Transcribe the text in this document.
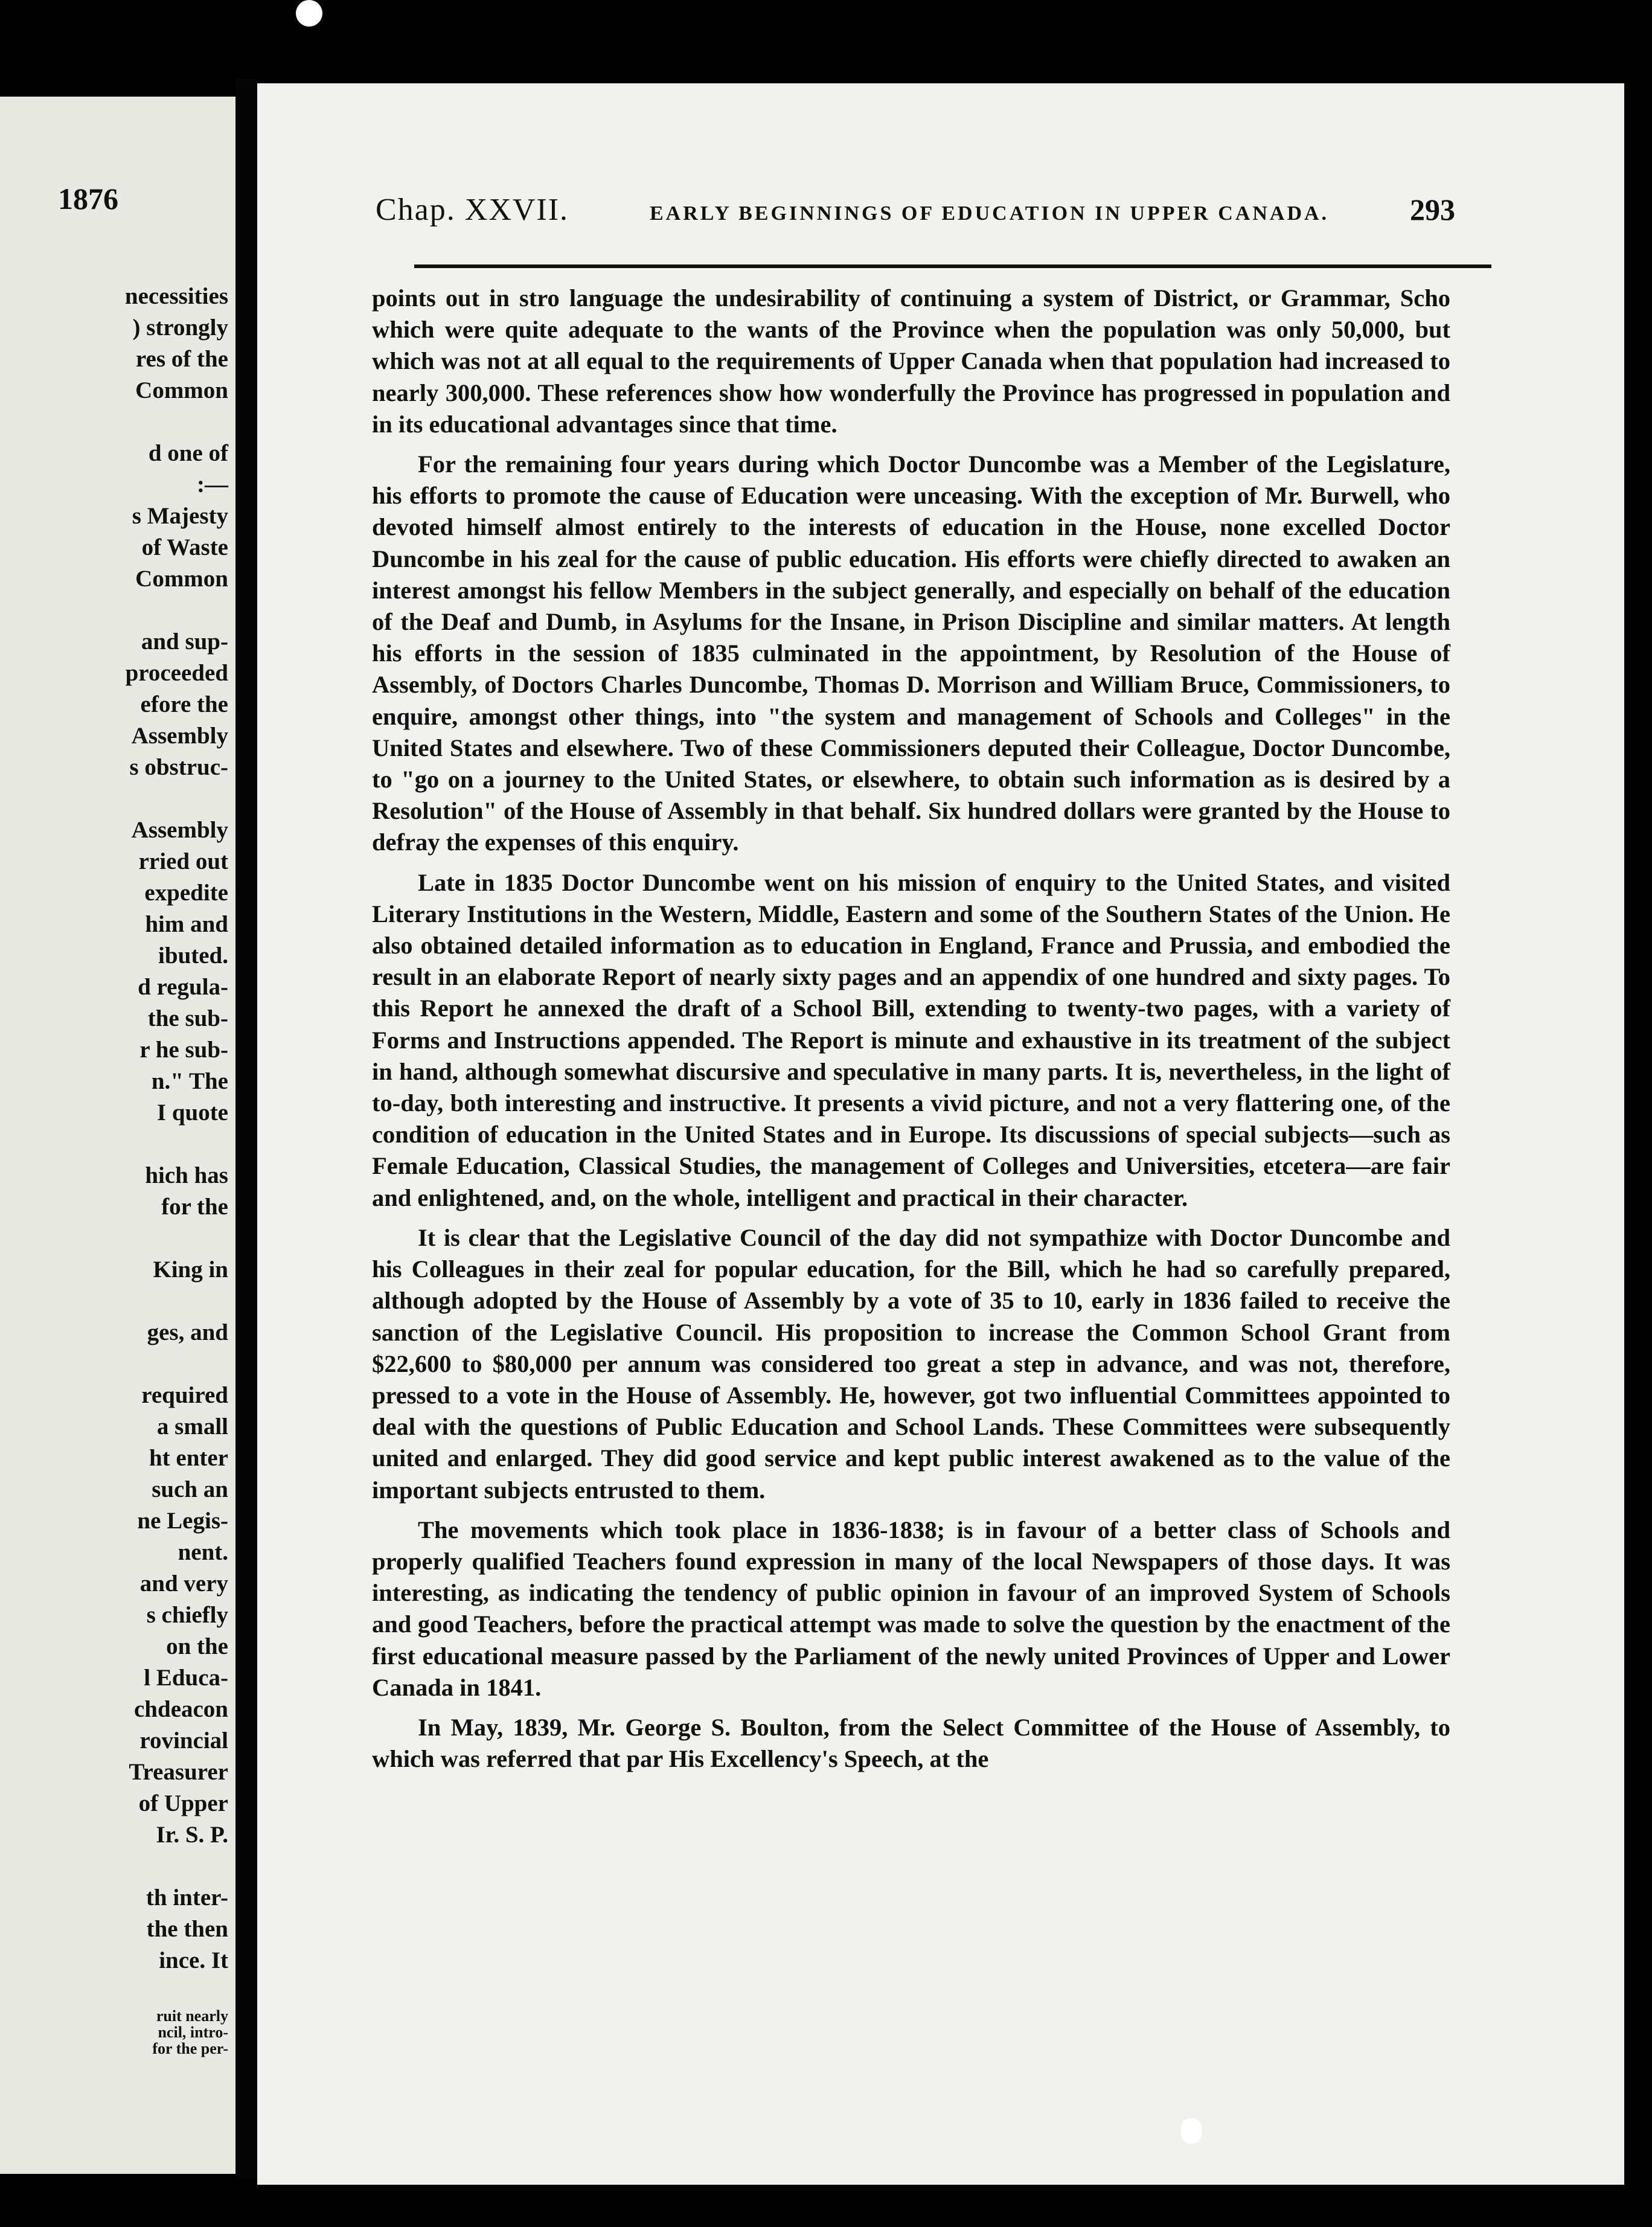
1876
necessities
) strongly
res of the
Common
d one of
:—
s Majesty
of Waste
Common
and sup-
proceeded
efore the
Assembly
s obstruc-
Assembly
rried out
expedite
him and
ibuted.
d regula-
the sub-
r he sub-
n." The
I quote
hich has
for the
King in
ges, and
required
a small
ht enter
such an
ne Legis-
nent.
and very
s chiefly
on the
l Educa-
chdeacon
rovincial
Treasurer
of Upper
Ir. S. P.
th inter-
the then
ince. It
ruit nearly
ncil, intro-
for the per-
Chap. XXVII.	EARLY BEGINNINGS OF EDUCATION IN UPPER CANADA.	293

points out in stro language the undesirability of continuing a system of District, or Grammar, Scho which were quite adequate to the wants of the Province when the population was only 50,000, but which was not at all equal to the requirements of Upper Canada when that population had increased to nearly 300,000. These references show how wonderfully the Province has progressed in population and in its educational advantages since that time.

For the remaining four years during which Doctor Duncombe was a Member of the Legislature, his efforts to promote the cause of Education were unceasing. With the exception of Mr. Burwell, who devoted himself almost entirely to the interests of education in the House, none excelled Doctor Duncombe in his zeal for the cause of public education. His efforts were chiefly directed to awaken an interest amongst his fellow Members in the subject generally, and especially on behalf of the education of the Deaf and Dumb, in Asylums for the Insane, in Prison Discipline and similar matters. At length his efforts in the session of 1835 culminated in the appointment, by Resolution of the House of Assembly, of Doctors Charles Duncombe, Thomas D. Morrison and William Bruce, Commissioners, to enquire, amongst other things, into "the system and management of Schools and Colleges" in the United States and elsewhere. Two of these Commissioners deputed their Colleague, Doctor Duncombe, to "go on a journey to the United States, or elsewhere, to obtain such information as is desired by a Resolution" of the House of Assembly in that behalf. Six hundred dollars were granted by the House to defray the expenses of this enquiry.

Late in 1835 Doctor Duncombe went on his mission of enquiry to the United States, and visited Literary Institutions in the Western, Middle, Eastern and some of the Southern States of the Union. He also obtained detailed information as to education in England, France and Prussia, and embodied the result in an elaborate Report of nearly sixty pages and an appendix of one hundred and sixty pages. To this Report he annexed the draft of a School Bill, extending to twenty-two pages, with a variety of Forms and Instructions appended. The Report is minute and exhaustive in its treatment of the subject in hand, although somewhat discursive and speculative in many parts. It is, nevertheless, in the light of to-day, both interesting and instructive. It presents a vivid picture, and not a very flattering one, of the condition of education in the United States and in Europe. Its discussions of special subjects—such as Female Education, Classical Studies, the management of Colleges and Universities, etcetera—are fair and enlightened, and, on the whole, intelligent and practical in their character.

It is clear that the Legislative Council of the day did not sympathize with Doctor Duncombe and his Colleagues in their zeal for popular education, for the Bill, which he had so carefully prepared, although adopted by the House of Assembly by a vote of 35 to 10, early in 1836 failed to receive the sanction of the Legislative Council. His proposition to increase the Common School Grant from $22,600 to $80,000 per annum was considered too great a step in advance, and was not, therefore, pressed to a vote in the House of Assembly. He, however, got two influential Committees appointed to deal with the questions of Public Education and School Lands. These Committees were subsequently united and enlarged. They did good service and kept public interest awakened as to the value of the important subjects entrusted to them.

The movements which took place in 1836-1838; is in favour of a better class of Schools and properly qualified Teachers found expression in many of the local Newspapers of those days. It was interesting, as indicating the tendency of public opinion in favour of an improved System of Schools and good Teachers, before the practical attempt was made to solve the question by the enactment of the first educational measure passed by the Parliament of the newly united Provinces of Upper and Lower Canada in 1841.

In May, 1839, Mr. George S. Boulton, from the Select Committee of the House of Assembly, to which was referred that par His Excellency's Speech, at the
